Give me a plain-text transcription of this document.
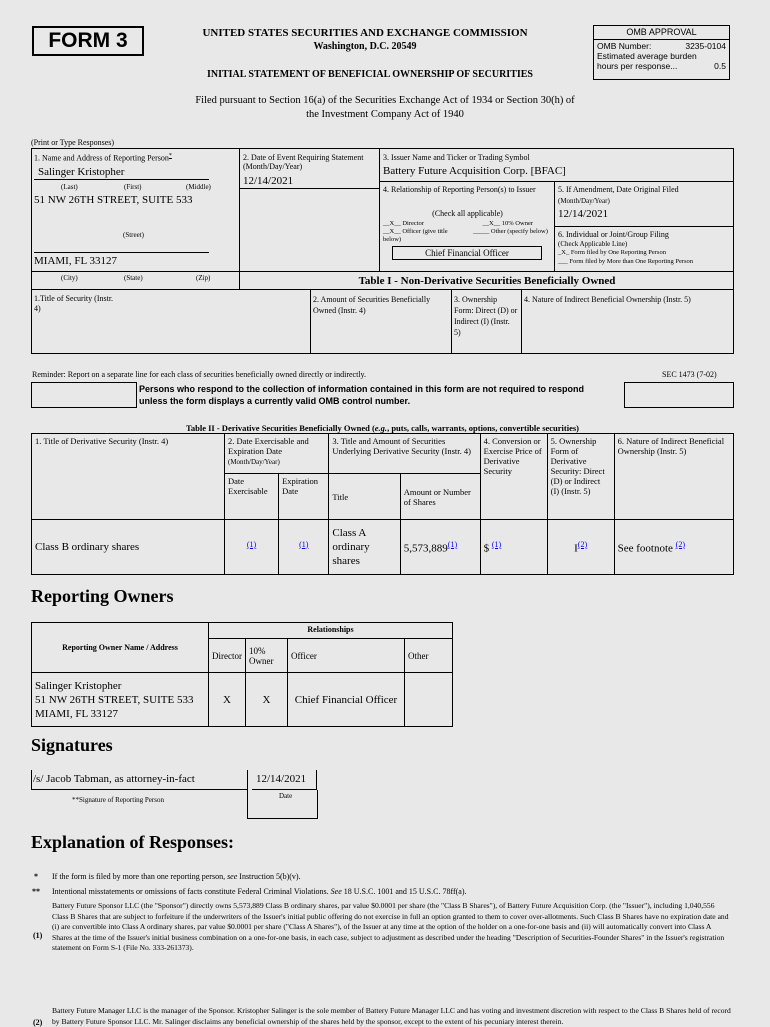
FORM 3	UNITED STATES SECURITIES AND EXCHANGE COMMISSION
Washington, D.C. 20549
INITIAL STATEMENT OF BENEFICIAL OWNERSHIP OF SECURITIES
OMB APPROVAL
OMB Number:	3235-0104
Estimated average burden
hours per response...	0.5
Filed pursuant to Section 16(a) of the Securities Exchange Act of 1934 or Section 30(h) of
the Investment Company Act of 1940
(Print or Type Responses)
1. Name and Address of Reporting Person*
Salinger Kristopher
(Last)	(First)	(Middle)
51 NW 26TH STREET, SUITE 533
(Street)
MIAMI, FL 33127
(City)	(State)	(Zip)
2. Date of Event Requiring Statement (Month/Day/Year)
12/14/2021
3. Issuer Name and Ticker or Trading Symbol
Battery Future Acquisition Corp. [BFAC]
4. Relationship of Reporting Person(s) to Issuer
(Check all applicable)
__X__ Director	__X__ 10% Owner
__X__ Officer (give title below)
_____ Other (specify below)
Chief Financial Officer
5. If Amendment, Date Original Filed
(Month/Day/Year)
12/14/2021
6. Individual or Joint/Group Filing
(Check Applicable Line)
_X_ Form filed by One Reporting Person
___ Form filed by More than One Reporting Person
Table I - Non-Derivative Securities Beneficially Owned
1.Title of Security (Instr. 4)
2. Amount of Securities Beneficially Owned (Instr. 4)
3. Ownership Form: Direct (D) or Indirect (I) (Instr. 5)
4. Nature of Indirect Beneficial Ownership (Instr. 5)
Reminder: Report on a separate line for each class of securities beneficially owned directly or indirectly.	SEC 1473 (7-02)
Persons who respond to the collection of information contained in this form are not required to respond
unless the form displays a currently valid OMB control number.
Table II - Derivative Securities Beneficially Owned (e.g., puts, calls, warrants, options, convertible securities)
1. Title of Derivative Security (Instr. 4)	2. Date Exercisable and Expiration Date
(Month/Day/Year)		3. Title and Amount of Securities Underlying Derivative Security (Instr. 4)		4. Conversion or Exercise Price of Derivative Security	5. Ownership Form of Derivative Security: Direct (D) or Indirect (I) (Instr. 5)	6. Nature of Indirect Beneficial Ownership (Instr. 5)
	Date Exercisable	Expiration Date	Title	Amount or Number of Shares			
Class B ordinary shares	$^{(1)}$	$^{(1)}$	Class A ordinary shares	5,573,889$^{(1)}$	$ $^{(1)}$	$I^{(2)}$	See footnote $^{(2)}$
Reporting Owners
Reporting Owner Name / Address	Relationships			
	Director	10% Owner	Officer	Other

Salinger Kristopher
51 NW 26TH STREET, SUITE 533
MIAMI, FL 33127	X	X	Chief Financial Officer	
Signatures
/s/ Jacob Tabman, as attorney-in-fact	12/14/2021
**Signature of Reporting Person	Date
Explanation of Responses:
* If the form is filed by more than one reporting person, see Instruction 5(b)(v).
** Intentional misstatements or omissions of facts constitute Federal Criminal Violations. See 18 U.S.C. 1001 and 15 U.S.C. 78ff(a).
(1)
Battery Future Sponsor LLC (the "Sponsor") directly owns 5,573,889 Class B ordinary shares, par value $0.0001 per share (the "Class B Shares"), of Battery Future Acquisition Corp. (the "Issuer"), including 1,040,556 Class B Shares that are subject to forfeiture if the underwriters of the Issuer's initial public offering do not exercise in full an option granted to them to cover over-allotments. Such Class B Shares have no expiration date and (i) are convertible into Class A ordinary shares, par value $0.0001 per share ("Class A Shares"), of the Issuer at any time at the option of the holder on a one-for-one basis and (ii) will automatically convert into Class A Shares at the time of the Issuer's initial business combination on a one-for-one basis, in each case, subject to adjustment as described under the heading "Description of Securities-Founder Shares" in the Issuer's registration statement on Form S-1 (File No. 333-261373).
(2)
Battery Future Manager LLC is the manager of the Sponsor. Kristopher Salinger is the sole member of Battery Future Manager LLC and has voting and investment discretion with respect to the Class B Shares held of record by Battery Future Sponsor LLC. Mr. Salinger disclaims any beneficial ownership of the shares held by the sponsor, except to the extent of his pecuniary interest therein.
